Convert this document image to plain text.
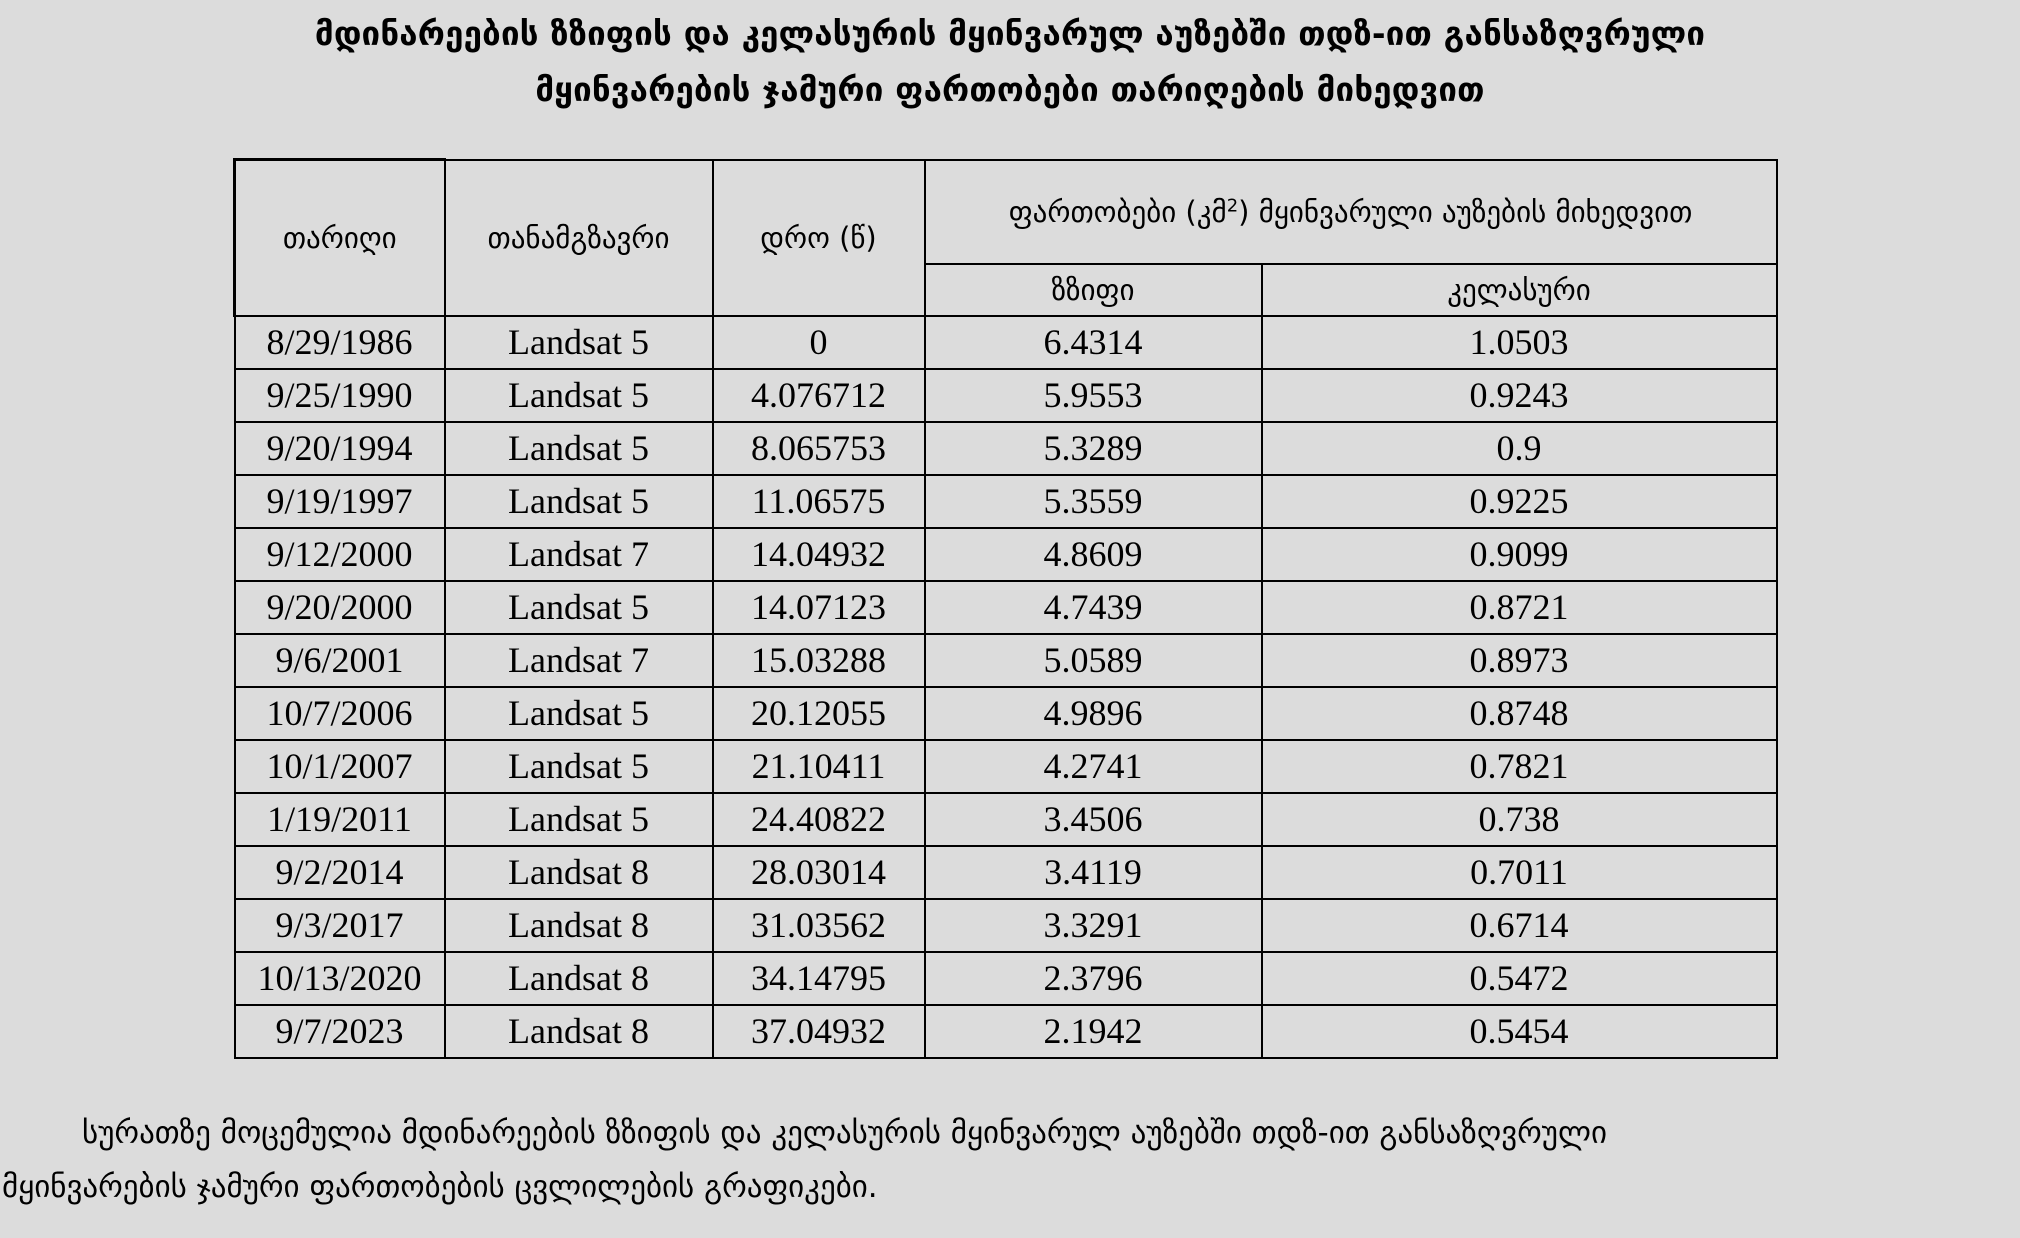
მდინარეების ზზიფის და კელასურის მყინვარულ აუზებში თდზ-ით განსაზღვრული
მყინვარების ჯამური ფართობები თარიღების მიხედვით
თარიღი	თანამგზავრი	დრო (წ)	ფართობები (კმ$^2$) მყინვარული აუზების მიხედვით	
			ზზიფი	კელასური
8/29/1986	Landsat 5	0	6.4314	1.0503
9/25/1990	Landsat 5	4.076712	5.9553	0.9243
9/20/1994	Landsat 5	8.065753	5.3289	0.9
9/19/1997	Landsat 5	11.06575	5.3559	0.9225
9/12/2000	Landsat 7	14.04932	4.8609	0.9099
9/20/2000	Landsat 5	14.07123	4.7439	0.8721
9/6/2001	Landsat 7	15.03288	5.0589	0.8973
10/7/2006	Landsat 5	20.12055	4.9896	0.8748
10/1/2007	Landsat 5	21.10411	4.2741	0.7821
1/19/2011	Landsat 5	24.40822	3.4506	0.738
9/2/2014	Landsat 8	28.03014	3.4119	0.7011
9/3/2017	Landsat 8	31.03562	3.3291	0.6714
10/13/2020	Landsat 8	34.14795	2.3796	0.5472
9/7/2023	Landsat 8	37.04932	2.1942	0.5454
სურათზე მოცემულია მდინარეების ზზიფის და კელასურის მყინვარულ აუზებში თდზ-ით განსაზღვრული
მყინვარების ჯამური ფართობების ცვლილების გრაფიკები.
